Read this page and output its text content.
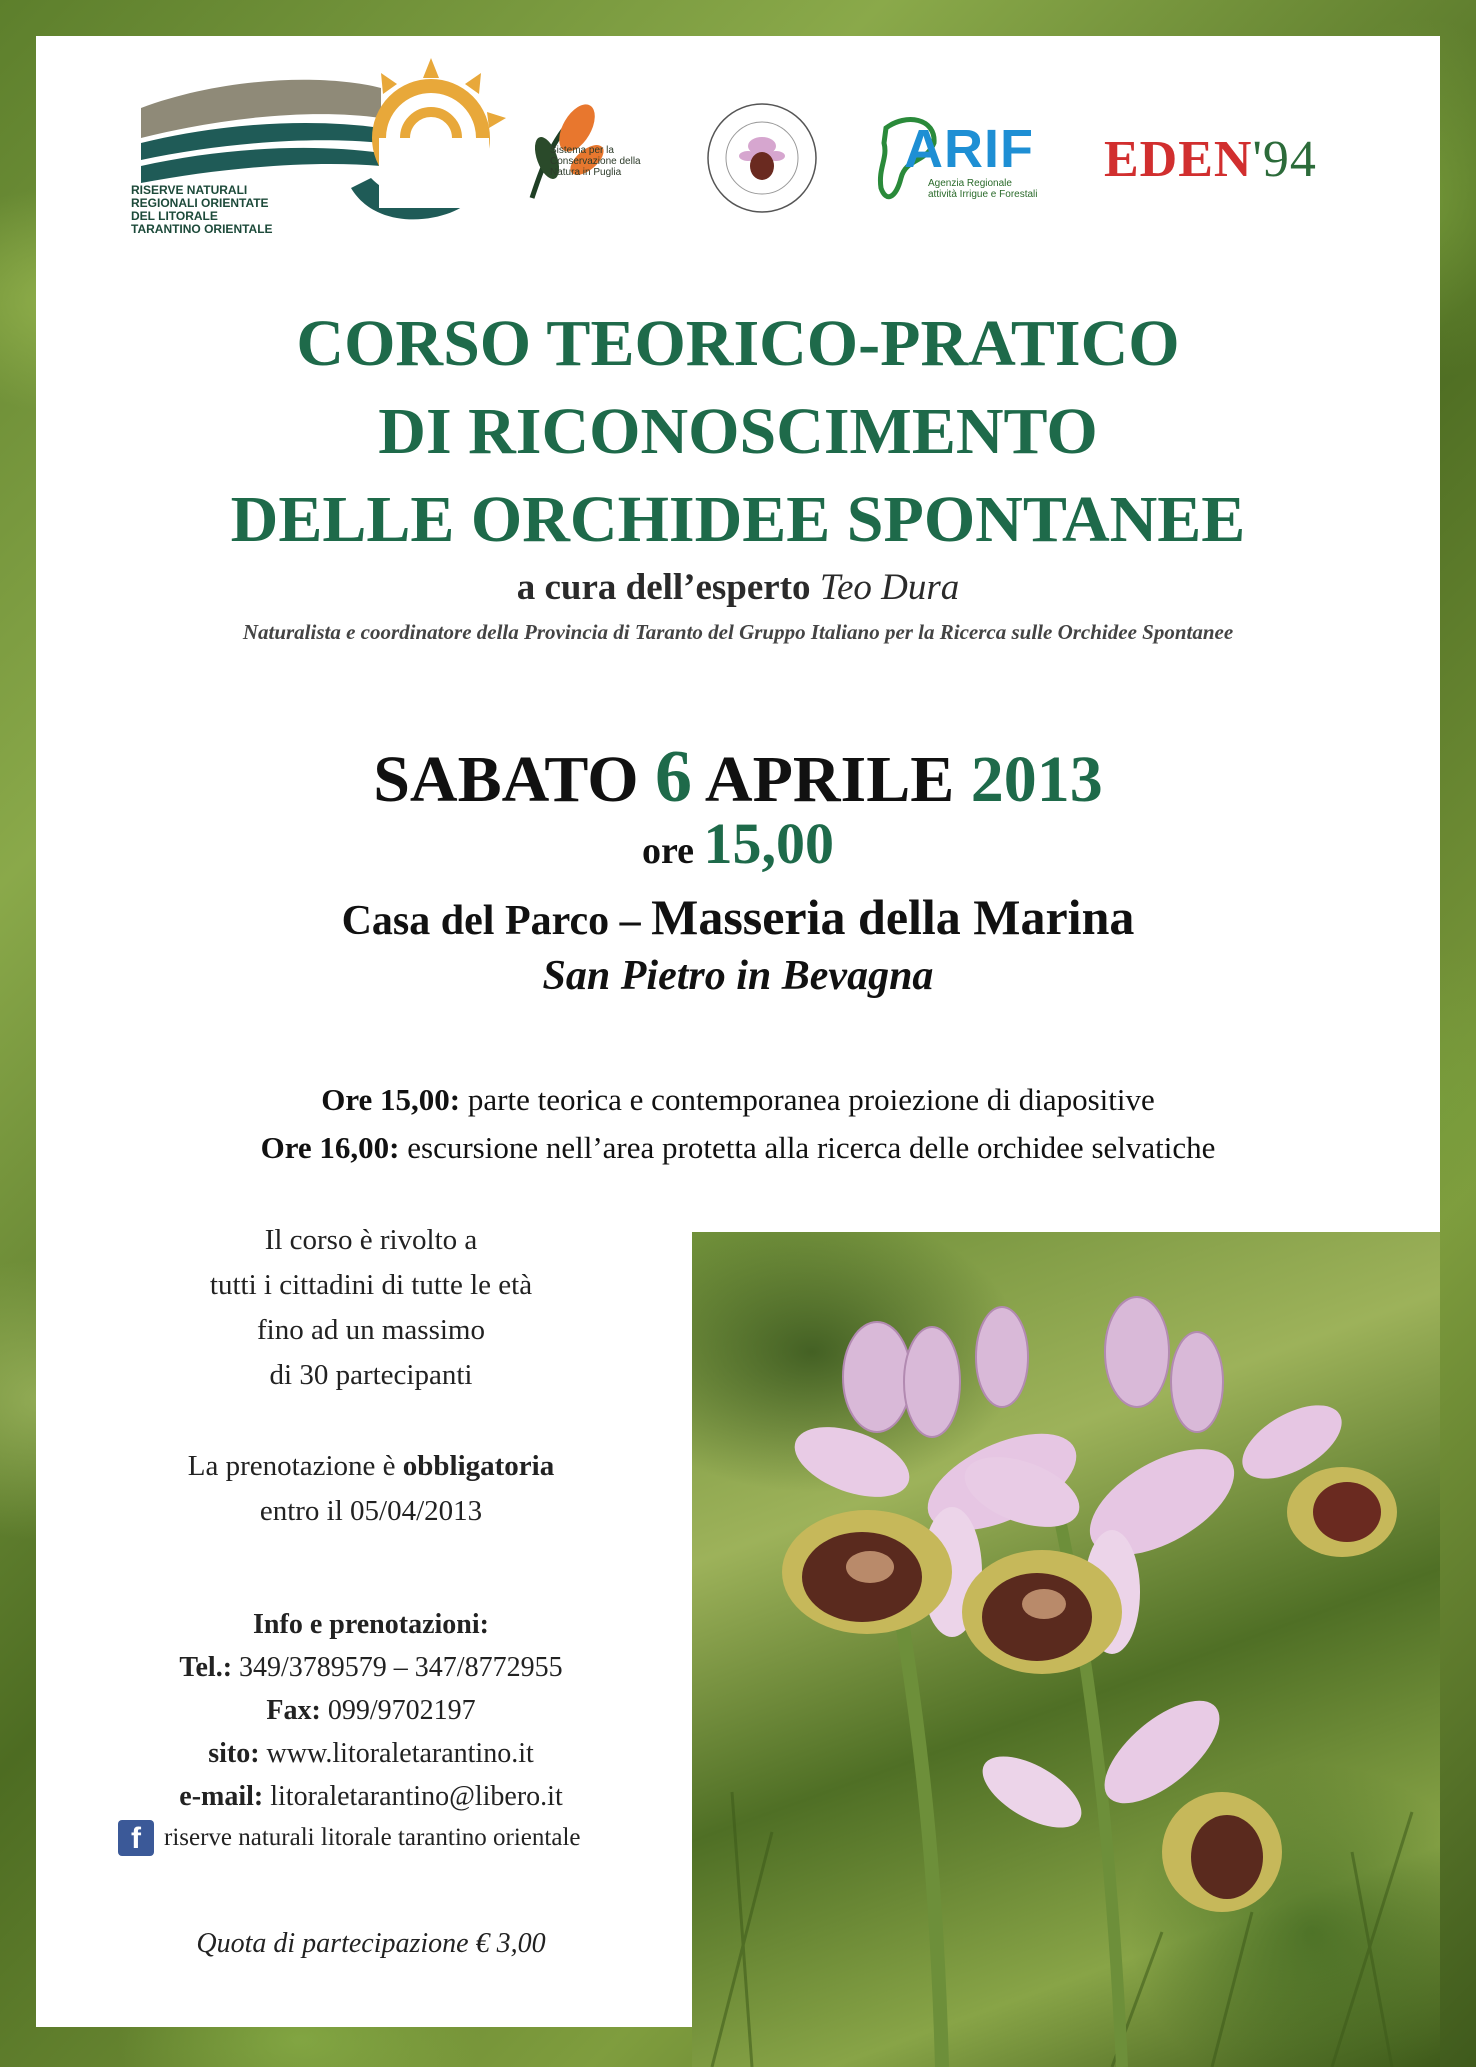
RISERVE NATURALI
REGIONALI ORIENTATE
DEL LITORALE
TARANTINO ORIENTALE
Sistema per la
Conservazione della
Natura in Puglia	ARIF
Agenzia Regionale
attività Irrigue e Forestali
EDEN'94
CORSO TEORICO-PRATICO
DI RICONOSCIMENTO
DELLE ORCHIDEE SPONTANEE
a cura dell’esperto Teo Dura
Naturalista e coordinatore della Provincia di Taranto del Gruppo Italiano per la Ricerca sulle Orchidee Spontanee
SABATO 6 APRILE 2013
ore 15,00
Casa del Parco – Masseria della Marina
San Pietro in Bevagna
Ore 15,00: parte teorica e contemporanea proiezione di diapositive
Ore 16,00: escursione nell’area protetta alla ricerca delle orchidee selvatiche
Il corso è rivolto a
tutti i cittadini di tutte le età
fino ad un massimo
di 30 partecipanti
La prenotazione è obbligatoria
entro il 05/04/2013
Info e prenotazioni:
Tel.: 349/3789579 – 347/8772955
Fax: 099/9702197
sito: www.litoraletarantino.it
e-mail: litoraletarantino@libero.it
f riserve naturali litorale tarantino orientale
Quota di partecipazione € 3,00
